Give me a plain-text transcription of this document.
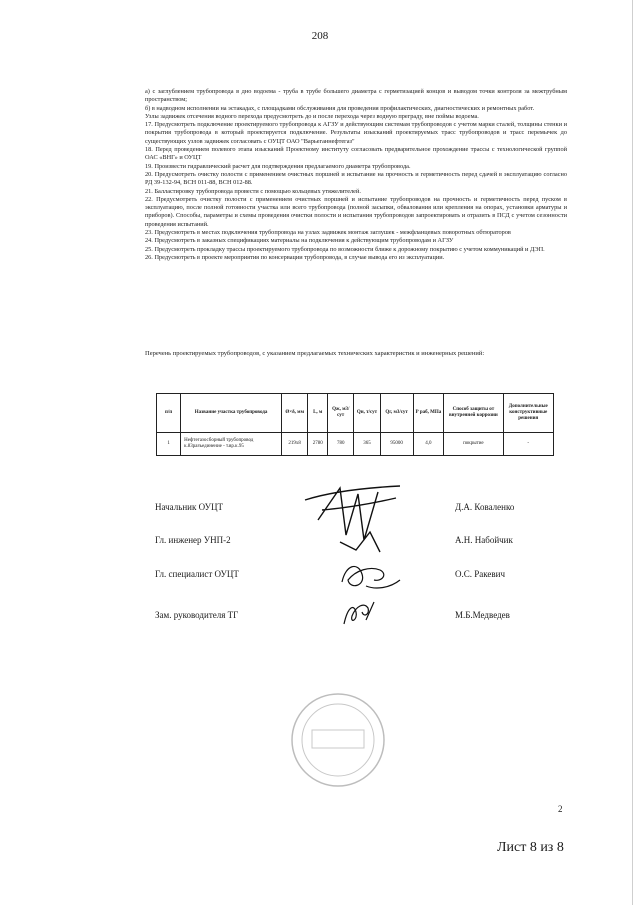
208

а) с заглублением трубопровода в дно водоема - труба в трубе большего диаметра с герметизацией концов и выводом точки контроля за межтрубным пространством;

б) в надводном исполнении на эстакадах, с площадками обслуживания для проведения профилактических, диагностических и ремонтных работ.

Узлы задвижек отсечения водного перехода предусмотреть до и после перехода через водную преграду, вне поймы водоема.

17. Предусмотреть подключение проектируемого трубопровода к АГЗУ и действующим системам трубопроводов с учетом марки сталей, толщины стенки и покрытия трубопровода в который проектируется подключение. Результаты изысканий проектируемых трасс трубопроводов и трасс перемычек до существующих узлов задвижек согласовать с ОУЦТ ОАО "Варьеганнефтегаз"

18. Перед проведением полевого этапа изысканий Проектному институту согласовать предварительное прохождение трассы с технологической группой ОАС «ВНГ» и ОУЦТ

19. Произвести гидравлический расчет для подтверждения предлагаемого диаметра трубопровода.

20. Предусмотреть очистку полости с применением очистных поршней и испытание на прочность и герметичность перед сдачей в эксплуатацию согласно РД 39-132-94, ВСН 011-88, ВСН 012-88.

21. Балластировку трубопровода провести с помощью кольцевых утяжелителей.

22. Предусмотреть очистку полости с применением очистных поршней и испытание трубопроводов на прочность и герметичность перед пуском в эксплуатацию, после полной готовности участка или всего трубопровода (полной засыпки, обвалования или крепления на опорах, установки арматуры и приборов). Способы, параметры и схемы проведения очистки полости и испытания трубопроводов запроектировать и отразить в ПСД с учетом сезонности проведения испытаний.

23. Предусмотреть в местах подключения трубопровода на узлах задвижек монтаж заглушек - межфланцевых поворотных обтюраторов

24. Предусмотреть в заказных спецификациях материалы на подключения к действующим трубопроводам и АГЗУ

25. Предусмотреть прокладку трассы проектируемого трубопровода по возможности ближе к дорожному покрытию с учетом коммуникаций и ДЭП.

26. Предусмотреть в проекте мероприятия по консервации трубопровода, в случае вывода его из эксплуатации.

Перечень проектируемых трубопроводов, с указанием предлагаемых технических характеристик и инженерных решений:
п/п	Название участка трубопровода	Ø×δ, мм	L, м	Qж, м3/сут	Qн, т/сут	Qг, м3/сут	Р раб, МПа	Способ защиты от внутренней коррозии	Дополнительные конструктивные решения
1	Нефтегазосборный трубопровод к.83разъединение - т.вр.к.95	219х8	2780	780	365	95000	4,0	покрытие	-
Начальник ОУЦТ	Д.А. Коваленко
Гл. инженер УНП-2	А.Н. Набойчик
Гл. специалист ОУЦТ	О.С. Ракевич
Зам. руководителя ТГ	М.Б.Медведев
2
Лист 8 из 8
